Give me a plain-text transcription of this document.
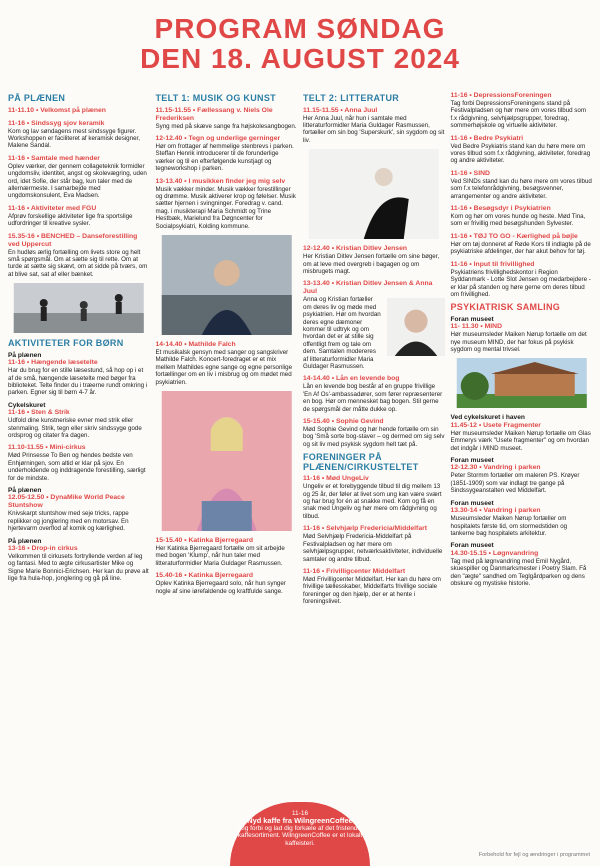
PROGRAM SØNDAG
DEN 18. AUGUST 2024
PÅ PLÆNEN
11-11.10 • Velkomst på plænen
11-16 • Sindssyg sjov keramik
Kom og lav søndagens mest sindssyge figurer. Workshoppen er faciliteret af keramisk designer, Malene Sandal.
11-16 • Samtale med hænder
Oplev værker, der gennem collageteknik formidler ungdomsliv, identitet, angst og skolevægring, uden ord, idet Sofie, der står bag, kun taler med de allernærmeste. I samarbejde med ungdomskonsulent, Eva Madsen.
11-16 • Aktiviteter med FGU
Afprøv forskellige aktiviteter lige fra sportslige udfordringer til kreative sysler.
15.35-16 • BENCHED – Danseforestilling ved Uppercut
En hudløs ærlig fortælling om livets store og helt små spørgsmål. Om at sætte sig til rette. Om at turde at sætte sig skævt, om at sidde på tværs, om at blive sat, sat af eller bænket.
AKTIVITETER FOR BØRN
På plænen
11-16 • Hængende læsetelte
Har du brug for en stille læsestund, så hop op i et af de små, hængende læsetelte med bøger fra biblioteket. Telte finder du i træerne rundt omkring i parken. Egner sig til børn 4-7 år.
Cykelskuret
11-16 • Sten & Strik
Udfold dine kunstneriske evner med strik eller stenmaling. Strik, tegn eller skriv sindssyge gode ordsprog og citater fra dagen.
11.10-11.55 • Mini-cirkus
Mød Prinsesse To Ben og hendes bedste ven Enhjørningen, som altid er klar på sjov. En underholdende og inddragende forestilling, særligt for de mindste.
På plænen
12.05-12.50 • DynaMike World Peace Stuntshow
Knivskarpt stuntshow med seje tricks, rappe replikker og jonglering med en motorsav. En hjertevarm overflod af komik og kærlighed.
På plænen
13-16 • Drop-in cirkus
Velkommen til cirkusets fortryllende verden af leg og fantasi. Med to ægte cirkusartister Mike og Signe Marie Bonnici-Erichsen. Her kan du prøve alt lige fra hula-hop, jonglering og gå på line.
TELT 1: MUSIK OG KUNST
11.15-11.55 • Fællessang v. Niels Ole Frederiksen
Syng med på skæve sange fra højskolesangbogen.
12-12.40 • Tegn og underlige gerninger
Hør om frottager af hemmelige stenbrevs i parken. Steffan Henrik introducerer til de forunderlige værker og til en efterfølgende kunstjagt og tegneworkshop i parken.
13-13.40 • I musikken finder jeg mig selv
Musik vækker minder. Musik vækker forestillinger og drømme. Musik aktiverer krop og følelser. Musik sætter hjernen i svingninger. Foredrag v. cand. mag. i musikterapi Maria Schmidt og Trine Hestbæk, Marielund fra Døgncenter for Socialpsykiatri, Kolding kommune.
14-14.40 • Mathilde Falch
Et musikalsk gensyn med sanger og sangskriver Mathilde Falch. Koncert-foredraget er et mix mellem Mathildes egne sange og egne personlige fortællinger om en liv i misbrug og om mødet med psykiatrien.
15-15.40 • Katinka Bjerregaard
Her Katinka Bjerregaard fortælle om sit arbejde med bogen 'Klump', når hun taler med litteraturformidler Maria Guldager Rasmussen.
15.40-16 • Katinka Bjerregaard
Oplev Katinka Bjerregaard solo, når hun synger nogle af sine iørefaldende og kraftfulde sange.
TELT 2: LITTERATUR
11.15-11.55 • Anna Juul
Her Anna Juul, når hun i samtale med litteraturformidler Maria Guldager Rasmussen, fortæller om sin bog 'Superskurk', sin sygdom og sit liv.
12-12.40 • Kristian Ditlev Jensen
Her Kristian Ditlev Jensen fortælle om sine bøger, om at leve med overgreb i bagagen og om misbrugets magt.
13-13.40 • Kristian Ditlev Jensen & Anna Juul
Anna og Kristian fortæller om deres liv og møde med psykiatrien. Hør om hvordan deres egne dæmoner kommer til udtryk og om hvordan det er at stille sig offentligt frem og tale om dem. Samtalen modereres af litteraturformidler Maria Guldager Rasmussen.
14-14.40 • Lån en levende bog
Lån en levende bog består af en gruppe frivillige 'En Af Os'-ambassadører, som fører repræsenterer en bog. Hør om mennesket bag bogen. Stil gerne de spørgsmål der måtte dukke op.
15-15.40 • Sophie Gevind
Mød Sophie Gevind og hør hende fortælle om sin bog 'Små sorte bog-staver – og dermed om sig selv og sit liv med psykisk sygdom helt tæt på.
FORENINGER PÅ PLÆNEN/CIRKUSTELTET
11-16 • Mød UngeLiv
Ungeliv er et forebyggende tilbud til dig mellem 13 og 25 år, der føler at livet som ung kan være svært og har brug for én at snakke med. Kom og få en snak med Ungeliv og hør mere om rådgivning og tilbud.
11-16 • Selvhjælp Fredericia/Middelfart
Mød Selvhjælp Fredericia-Middelfart på Festivalpladsen og hør mere om selvhjælpsgrupper, netværksaktiviteter, individuelle samtaler og andre tilbud.
11-16 • Frivilligcenter Middelfart
Mød Frivilligcenter Middelfart. Her kan du høre om frivillige tællesskaber, Middelfarts frivillige sociale foreninger og den hjælp, der er at hente i foreningslivet.
11-16 • DepressionsForeningen
Tag forbi DepressionsForeningens stand på Festivalpladsen og hør mere om vores tilbud som f.x rådgivning, selvhjælpsgrupper, foredrag, sommerhøjskole og virtuelle aktiviteter.
11-16 • Bedre Psykiatri
Ved Bedre Psykiatris stand kan du høre mere om vores tilbud som f.x rådgivning, aktiviteter, foredrag og andre aktiviteter.
11-16 • SIND
Ved SINDs stand kan du høre mere om vores tilbud som f.x telefonrådgivning, besøgsvenner, arrangementer og andre aktiviteter.
11-16 • Besøgsdyr i Psykiatrien
Kom og hør om vores hunde og heste. Mød Tina, som er frivillig med besøgshunden Sylvester.
11-16 • TØJ TO GO - Kærlighed på bøjle
Hør om tøj donneret af Røde Kors til indlagte på de psykiatriske afdelinger, der har akut behov for tøj.
11-16 • Input til frivillighed
Psykiatriens frivillighedskontor i Region Syddanmark - Lotte Slot Jensen og medarbejdere - er klar på standen og høre gerne om deres tilbud om frivillighed.
PSYKIATRISK SAMLING
Foran museet
11- 11.30 • MIND
Hør museumsleder Maiken Nørup fortælle om det nye museum MIND, der har fokus på psykisk sygdom og mental trivsel.
Ved cykelskuret i haven
11.45-12 • Usete Fragmenter
Hør museumsleder Maiken Nørup fortælle om Glas Emmerys værk "Usete fragmenter" og om hvordan det indgår i MIND museet.
Foran museet
12-12.30 • Vandring i parken
Peter Stormm fortæller om maleren PS. Krøyer (1851-1909) som var indlagt tre gange på Sindssygeanstalten ved Middelfart.
Foran museet
13.30-14 • Vandring i parken
Museumsleder Maiken Nørup fortæller om hospitalets første tid, om stormedstiden og tankerne bag hospitalets arkitektur.
Foran museet
14.30-15.15 • Løgnvandring
Tag med på løgnvandring med Emil Nygård, skuespiller og Danmarksmester i Poetry Slam. Få den "ægte" sandhed om Teglgårdparken og dens obskure og mystiske historie.
11-16
Nyd kaffe fra WilngreenCoffee
Kig forbi og lad dig forkæle af det fristende kaffesortiment. WilngreenCoffee er et lokalt kaffeisteri.
Forbehold for fejl og ændringer i programmet
